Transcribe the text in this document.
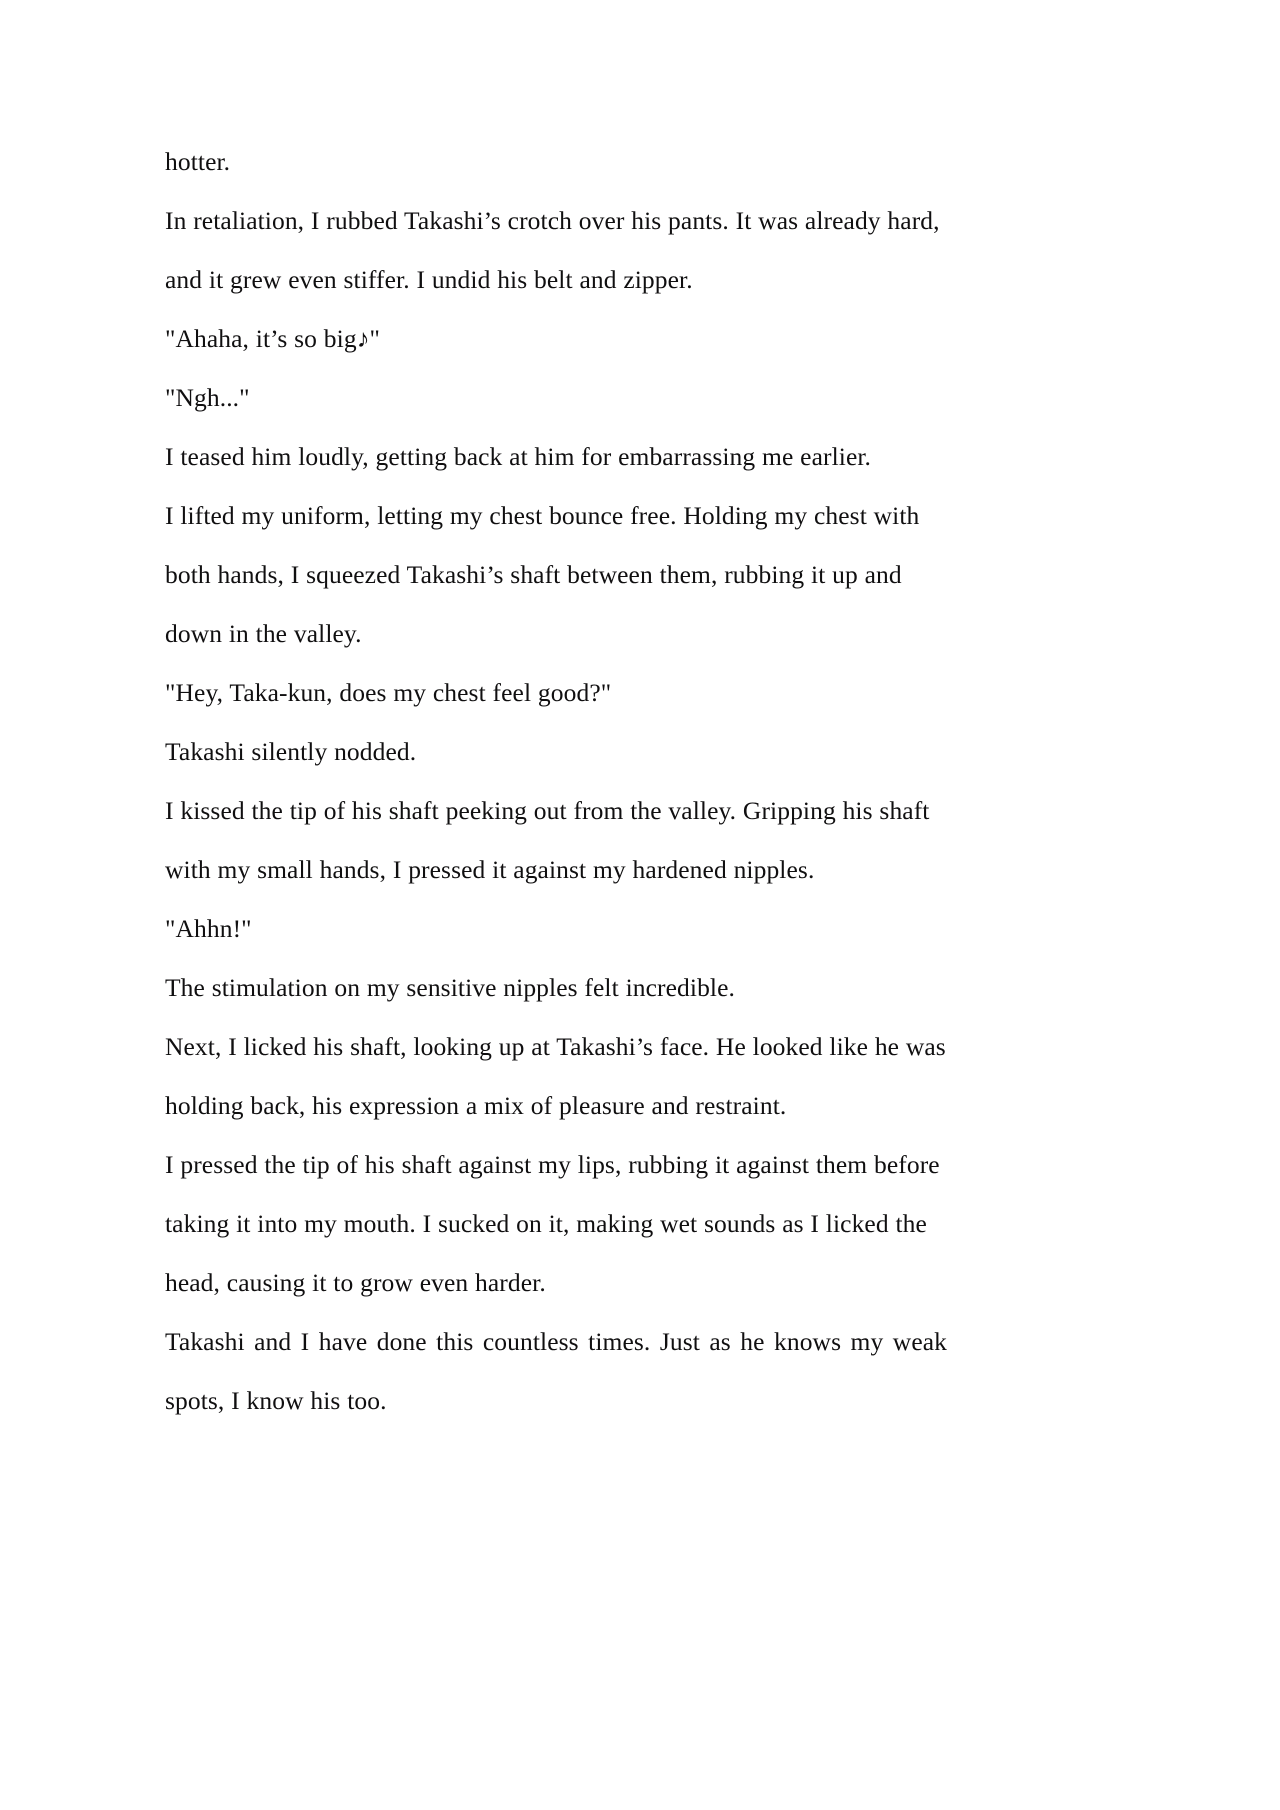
hotter.

In retaliation, I rubbed Takashi’s crotch over his pants. It was already hard, and it grew even stiffer. I undid his belt and zipper.

"Ahaha, it’s so big♪"

"Ngh..."

I teased him loudly, getting back at him for embarrassing me earlier.

I lifted my uniform, letting my chest bounce free. Holding my chest with both hands, I squeezed Takashi’s shaft between them, rubbing it up and down in the valley.

"Hey, Taka-kun, does my chest feel good?"

Takashi silently nodded.

I kissed the tip of his shaft peeking out from the valley. Gripping his shaft with my small hands, I pressed it against my hardened nipples.

"Ahhn!"

The stimulation on my sensitive nipples felt incredible.

Next, I licked his shaft, looking up at Takashi’s face. He looked like he was holding back, his expression a mix of pleasure and restraint.

I pressed the tip of his shaft against my lips, rubbing it against them before taking it into my mouth. I sucked on it, making wet sounds as I licked the head, causing it to grow even harder.

Takashi and I have done this countless times. Just as he knows my weak spots, I know his too.
